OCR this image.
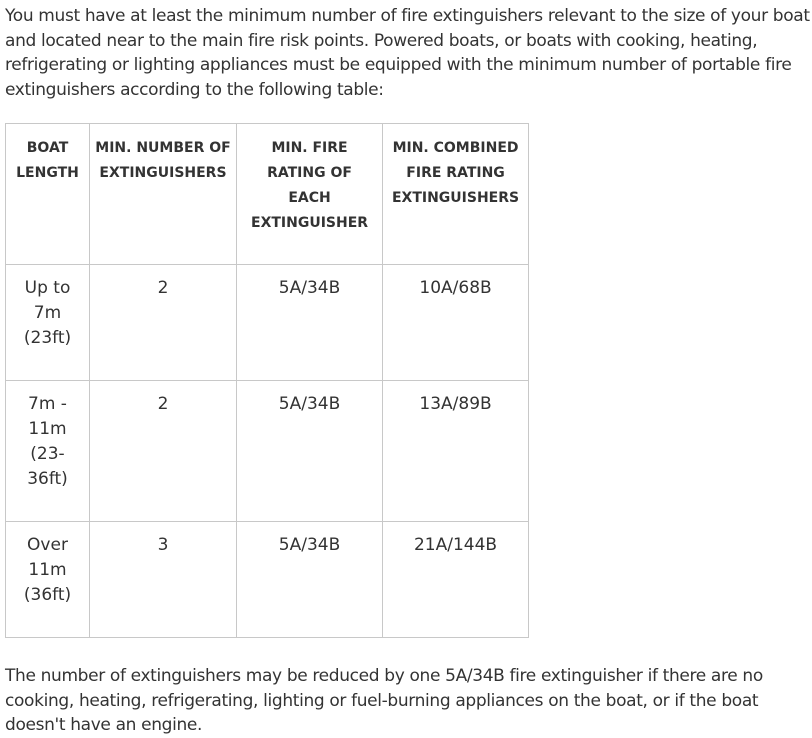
You must have at least the minimum number of fire extinguishers relevant to the size of your boat and located near to the main fire risk points. Powered boats, or boats with cooking, heating, refrigerating or lighting appliances must be equipped with the minimum number of portable fire extinguishers according to the following table:

BOAT LENGTH	MIN. NUMBER OF EXTINGUISHERS	MIN. FIRE RATING OF EACH EXTINGUISHER	MIN. COMBINED FIRE RATING EXTINGUISHERS
Up to 7m (23ft)	2	5A/34B	10A/68B
7m - 11m (23-36ft)	2	5A/34B	13A/89B
Over 11m (36ft)	3	5A/34B	21A/144B

The number of extinguishers may be reduced by one 5A/34B fire extinguisher if there are no cooking, heating, refrigerating, lighting or fuel-burning appliances on the boat, or if the boat doesn't have an engine.
